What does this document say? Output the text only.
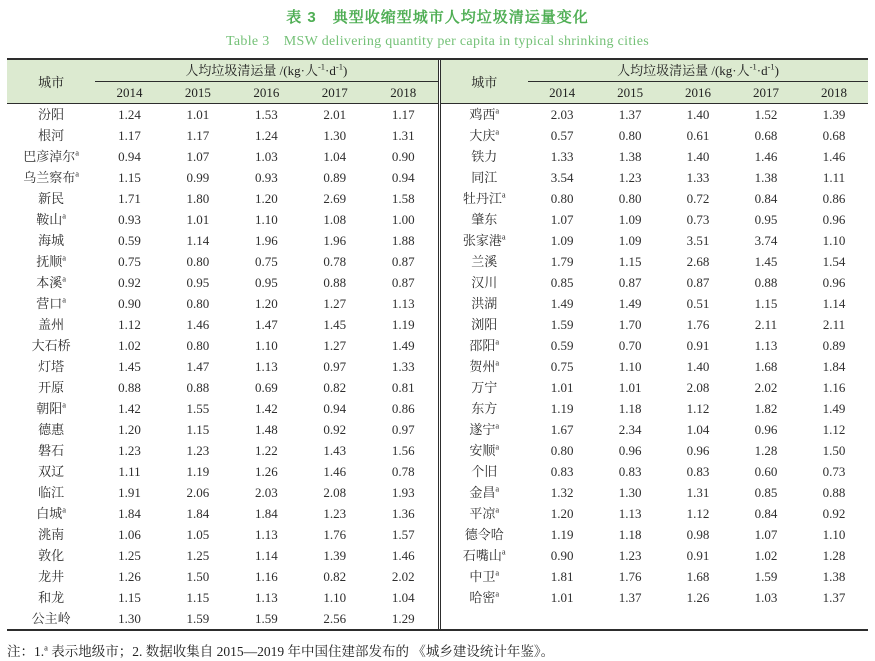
表 3　典型收缩型城市人均垃圾清运量变化
Table 3　MSW delivering quantity per capita in typical shrinking cities
城市	人均垃圾清运量 /(kg·人$^{-1}\cdot d^{-1}$)				
	2014	2015	2016	2017	2018
汾阳	1.24	1.01	1.53	2.01	1.17
根河	1.17	1.17	1.24	1.30	1.31
巴彦淖尔$^a$	0.94	1.07	1.03	1.04	0.90
乌兰察布$^a$	1.15	0.99	0.93	0.89	0.94
新民	1.71	1.80	1.20	2.69	1.58
鞍山$^a$	0.93	1.01	1.10	1.08	1.00
海城	0.59	1.14	1.96	1.96	1.88
抚顺$^a$	0.75	0.80	0.75	0.78	0.87
本溪$^a$	0.92	0.95	0.95	0.88	0.87
营口$^a$	0.90	0.80	1.20	1.27	1.13
盖州	1.12	1.46	1.47	1.45	1.19
大石桥	1.02	0.80	1.10	1.27	1.49
灯塔	1.45	1.47	1.13	0.97	1.33
开原	0.88	0.88	0.69	0.82	0.81
朝阳$^a$	1.42	1.55	1.42	0.94	0.86
德惠	1.20	1.15	1.48	0.92	0.97
磐石	1.23	1.23	1.22	1.43	1.56
双辽	1.11	1.19	1.26	1.46	0.78
临江	1.91	2.06	2.03	2.08	1.93
白城$^a$	1.84	1.84	1.84	1.23	1.36
洮南	1.06	1.05	1.13	1.76	1.57
敦化	1.25	1.25	1.14	1.39	1.46
龙井	1.26	1.50	1.16	0.82	2.02
和龙	1.15	1.15	1.13	1.10	1.04
公主岭	1.30	1.59	1.59	2.56	1.29
城市	人均垃圾清运量 /(kg·人$^{-1}\cdot d^{-1}$)				
	2014	2015	2016	2017	2018
鸡西$^a$	2.03	1.37	1.40	1.52	1.39
大庆$^a$	0.57	0.80	0.61	0.68	0.68
铁力	1.33	1.38	1.40	1.46	1.46
同江	3.54	1.23	1.33	1.38	1.11
牡丹江$^a$	0.80	0.80	0.72	0.84	0.86
肇东	1.07	1.09	0.73	0.95	0.96
张家港$^a$	1.09	1.09	3.51	3.74	1.10
兰溪	1.79	1.15	2.68	1.45	1.54
汉川	0.85	0.87	0.87	0.88	0.96
洪湖	1.49	1.49	0.51	1.15	1.14
浏阳	1.59	1.70	1.76	2.11	2.11
邵阳$^a$	0.59	0.70	0.91	1.13	0.89
贺州$^a$	0.75	1.10	1.40	1.68	1.84
万宁	1.01	1.01	2.08	2.02	1.16
东方	1.19	1.18	1.12	1.82	1.49
遂宁$^a$	1.67	2.34	1.04	0.96	1.12
安顺$^a$	0.80	0.96	0.96	1.28	1.50
个旧	0.83	0.83	0.83	0.60	0.73
金昌$^a$	1.32	1.30	1.31	0.85	0.88
平凉$^a$	1.20	1.13	1.12	0.84	0.92
德令哈	1.19	1.18	0.98	1.07	1.10
石嘴山$^a$	0.90	1.23	0.91	1.02	1.28
中卫$^a$	1.81	1.76	1.68	1.59	1.38
哈密$^a$	1.01	1.37	1.26	1.03	1.37
注：1.$^a$ 表示地级市；2. 数据收集自 2015—2019 年中国住建部发布的 《城乡建设统计年鉴》。
